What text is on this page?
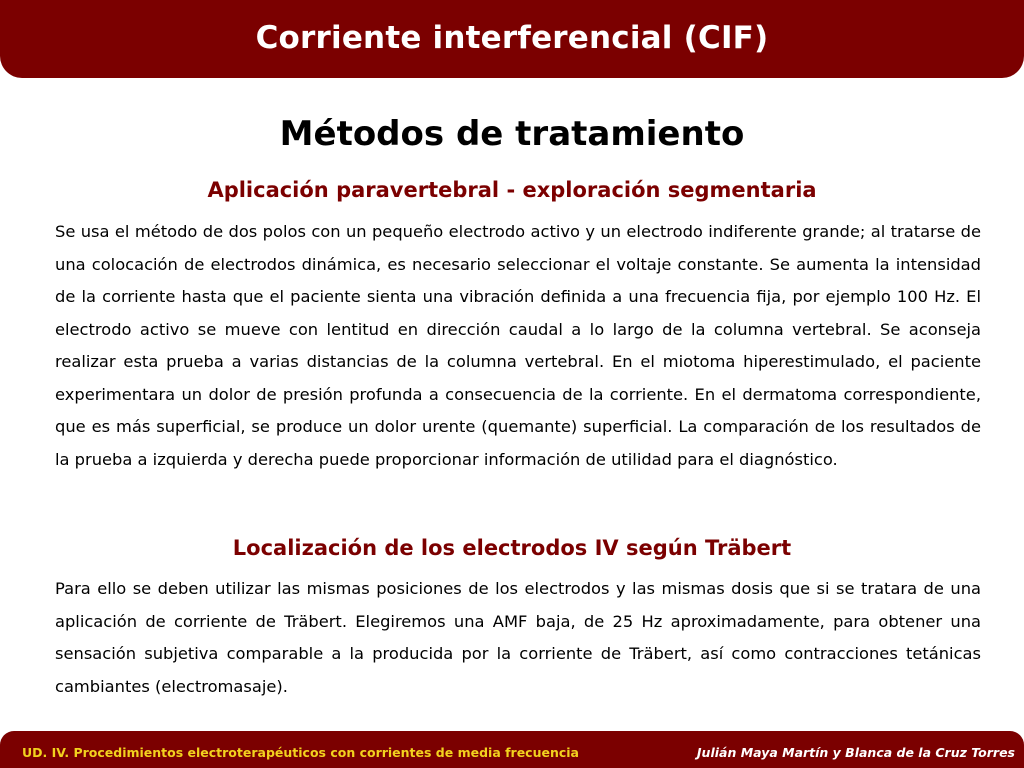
Corriente interferencial (CIF)
Métodos de tratamiento
Aplicación paravertebral - exploración segmentaria

Se usa el método de dos polos con un pequeño electrodo activo y un electrodo indiferente grande; al tratarse de una colocación de electrodos dinámica, es necesario seleccionar el voltaje constante. Se aumenta la intensidad de la corriente hasta que el paciente sienta una vibración definida a una frecuencia fija, por ejemplo 100 Hz. El electrodo activo se mueve con lentitud en dirección caudal a lo largo de la columna vertebral. Se aconseja realizar esta prueba a varias distancias de la columna vertebral. En el miotoma hiperestimulado, el paciente experimentara un dolor de presión profunda a consecuencia de la corriente. En el dermatoma correspondiente, que es más superficial, se produce un dolor urente (quemante) superficial. La comparación de los resultados de la prueba a izquierda y derecha puede proporcionar información de utilidad para el diagnóstico.

Localización de los electrodos IV según Träbert

Para ello se deben utilizar las mismas posiciones de los electrodos y las mismas dosis que si se tratara de una aplicación de corriente de Träbert. Elegiremos una AMF baja, de 25 Hz aproximadamente, para obtener una sensación subjetiva comparable a la producida por la corriente de Träbert, así como contracciones tetánicas cambiantes (electromasaje).

UD. IV. Procedimientos electroterapéuticos con corrientes de media frecuencia	Julián Maya Martín y Blanca de la Cruz Torres
